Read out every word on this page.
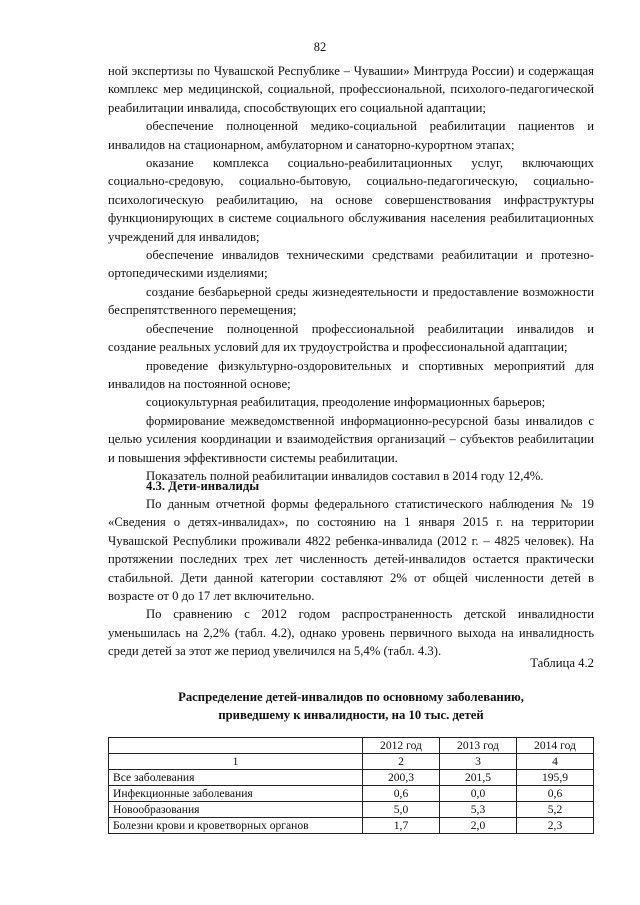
82

ной экспертизы по Чувашской Республике – Чувашии» Минтруда России) и содержащая комплекс мер медицинской, социальной, профессиональной, психолого-педагогической реабилитации инвалида, способствующих его социальной адаптации;

обеспечение полноценной медико-социальной реабилитации пациентов и инвалидов на стационарном, амбулаторном и санаторно-курортном этапах;

оказание комплекса социально-реабилитационных услуг, включающих социально-средовую, социально-бытовую, социально-педагогическую, социально-психологическую реабилитацию, на основе совершенствования инфраструктуры функционирующих в системе социального обслуживания населения реабилитационных учреждений для инвалидов;

обеспечение инвалидов техническими средствами реабилитации и протезно-ортопедическими изделиями;

создание безбарьерной среды жизнедеятельности и предоставление возможности беспрепятственного перемещения;

обеспечение полноценной профессиональной реабилитации инвалидов и создание реальных условий для их трудоустройства и профессиональной адаптации;

проведение физкультурно-оздоровительных и спортивных мероприятий для инвалидов на постоянной основе;

социокультурная реабилитация, преодоление информационных барьеров;

формирование межведомственной информационно-ресурсной базы инвалидов с целью усиления координации и взаимодействия организаций – субъектов реабилитации и повышения эффективности системы реабилитации.

Показатель полной реабилитации инвалидов составил в 2014 году 12,4%.

4.3. Дети-инвалиды

По данным отчетной формы федерального статистического наблюдения № 19 «Сведения о детях-инвалидах», по состоянию на 1 января 2015 г. на территории Чувашской Республики проживали 4822 ребенка-инвалида (2012 г. – 4825 человек). На протяжении последних трех лет численность детей-инвалидов остается практически стабильной. Дети данной категории составляют 2% от общей численности детей в возрасте от 0 до 17 лет включительно.

По сравнению с 2012 годом распространенность детской инвалидности уменьшилась на 2,2% (табл. 4.2), однако уровень первичного выхода на инвалидность среди детей за этот же период увеличился на 5,4% (табл. 4.3).

Таблица 4.2
Распределение детей-инвалидов по основному заболеванию,
приведшему к инвалидности, на 10 тыс. детей
	2012 год	2013 год	2014 год
1	2	3	4
Все заболевания	200,3	201,5	195,9
Инфекционные заболевания	0,6	0,0	0,6
Новообразования	5,0	5,3	5,2
Болезни крови и кроветворных органов	1,7	2,0	2,3
